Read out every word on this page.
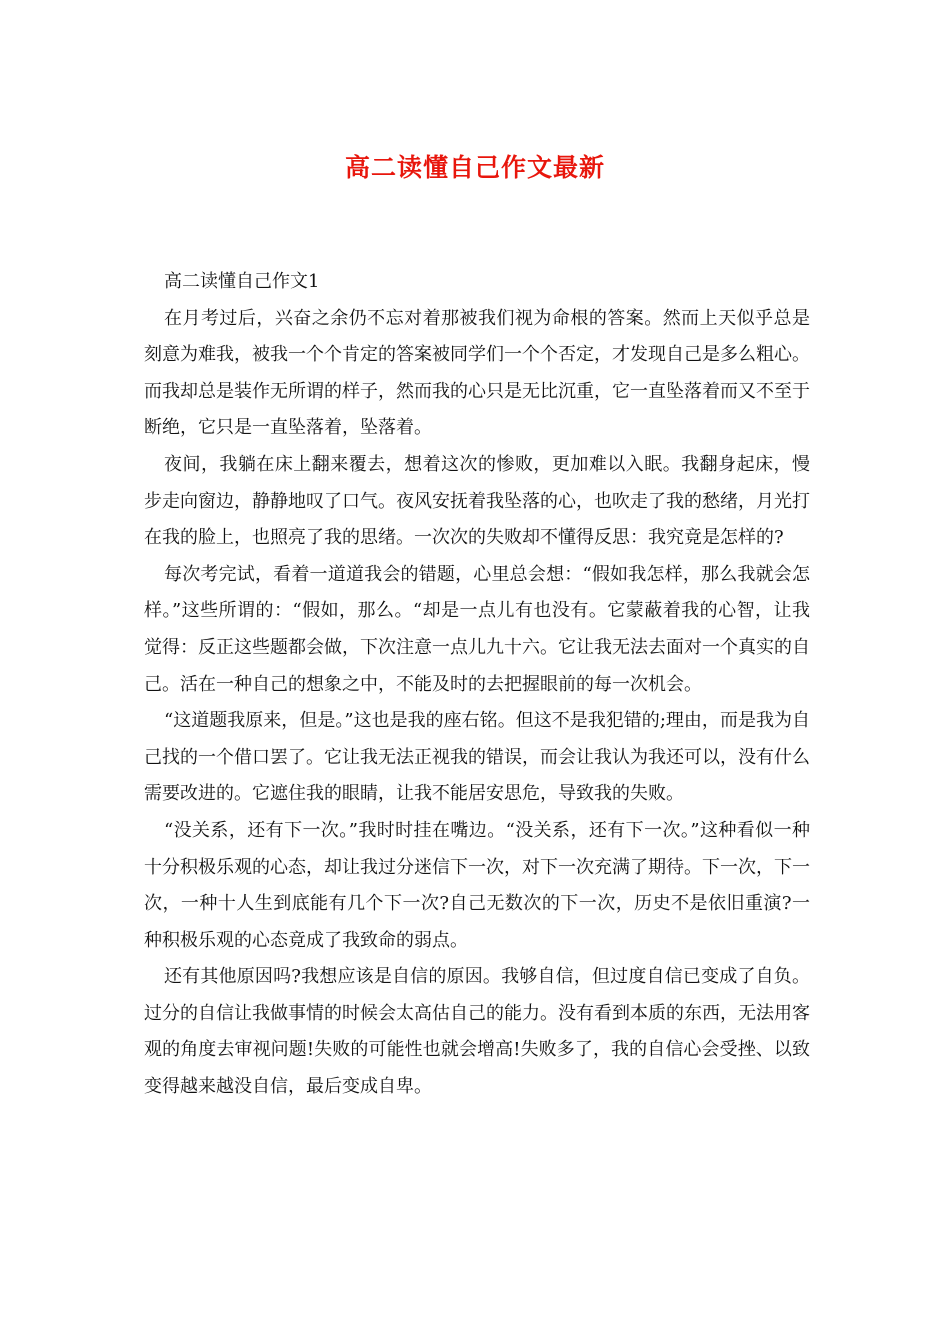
高二读懂自己作文最新

高二读懂自己作文1

在月考过后，兴奋之余仍不忘对着那被我们视为命根的答案。然而上天似乎总是刻意为难我，被我一个个肯定的答案被同学们一个个否定，才发现自己是多么粗心。而我却总是装作无所谓的样子，然而我的心只是无比沉重，它一直坠落着而又不至于断绝，它只是一直坠落着，坠落着。

夜间，我躺在床上翻来覆去，想着这次的惨败，更加难以入眠。我翻身起床，慢步走向窗边，静静地叹了口气。夜风安抚着我坠落的心，也吹走了我的愁绪，月光打在我的脸上，也照亮了我的思绪。一次次的失败却不懂得反思：我究竟是怎样的?

每次考完试，看着一道道我会的错题，心里总会想：“假如我怎样，那么我就会怎样。”这些所谓的：“假如，那么。“却是一点儿有也没有。它蒙蔽着我的心智，让我觉得：反正这些题都会做，下次注意一点儿九十六。它让我无法去面对一个真实的自己。活在一种自己的想象之中，不能及时的去把握眼前的每一次机会。

“这道题我原来，但是。”这也是我的座右铭。但这不是我犯错的;理由，而是我为自己找的一个借口罢了。它让我无法正视我的错误，而会让我认为我还可以，没有什么需要改进的。它遮住我的眼睛，让我不能居安思危，导致我的失败。

“没关系，还有下一次。”我时时挂在嘴边。“没关系，还有下一次。”这种看似一种十分积极乐观的心态，却让我过分迷信下一次，对下一次充满了期待。下一次，下一次，一种十人生到底能有几个下一次?自己无数次的下一次，历史不是依旧重演?一种积极乐观的心态竟成了我致命的弱点。

还有其他原因吗?我想应该是自信的原因。我够自信，但过度自信已变成了自负。过分的自信让我做事情的时候会太高估自己的能力。没有看到本质的东西，无法用客观的角度去审视问题!失败的可能性也就会增高!失败多了，我的自信心会受挫、以致变得越来越没自信，最后变成自卑。
